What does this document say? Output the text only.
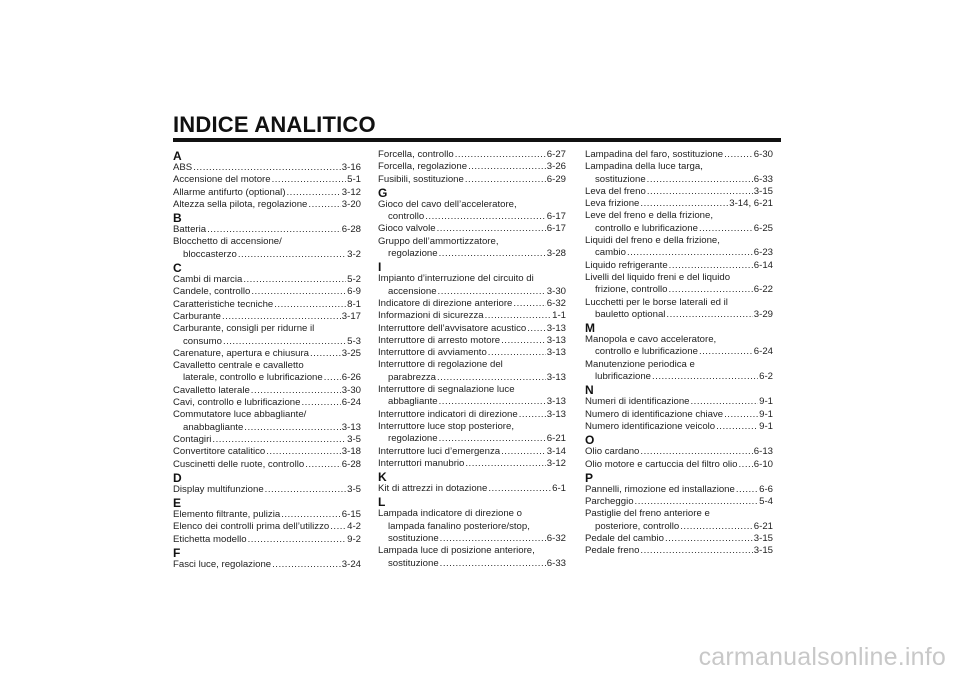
INDICE ANALITICO
A
ABS .....	3-16
Accensione del motore .....	5-1
Allarme antifurto (optional) .....	3-12
Altezza sella pilota, regolazione .....	3-20
B
Batteria .....	6-28
Blocchetto di accensione/
bloccasterzo .....	3-2
C
Cambi di marcia .....	5-2
Candele, controllo .....	6-9
Caratteristiche tecniche .....	8-1
Carburante .....	3-17
Carburante, consigli per ridurne il
consumo .....	5-3
Carenature, apertura e chiusura .....	3-25
Cavalletto centrale e cavalletto
laterale, controllo e lubrificazione ..... 6-26
Cavalletto laterale .....	3-30
Cavi, controllo e lubrificazione .....	6-24
Commutatore luce abbagliante/
anabbagliante .....	3-13
Contagiri .....	3-5
Convertitore catalitico .....	3-18
Cuscinetti delle ruote, controllo .....	6-28
D
Display multifunzione .....	3-5
E
Elemento filtrante, pulizia .....	6-15
Elenco dei controlli prima dell’utilizzo ..... 4-2
Etichetta modello .....	9-2
F
Fasci luce, regolazione .....	3-24
Forcella, controllo .....	6-27
Forcella, regolazione .....	3-26
Fusibili, sostituzione .....	6-29
G
Gioco del cavo dell’acceleratore,
controllo .....	6-17
Gioco valvole .....	6-17
Gruppo dell’ammortizzatore,
regolazione .....	3-28
I
Impianto d’interruzione del circuito di
accensione .....	3-30
Indicatore di direzione anteriore .....	6-32
Informazioni di sicurezza .....	1-1
Interruttore dell’avvisatore acustico ..... 3-13
Interruttore di arresto motore .....	3-13
Interruttore di avviamento .....	3-13
Interruttore di regolazione del
parabrezza .....	3-13
Interruttore di segnalazione luce
abbagliante .....	3-13
Interruttore indicatori di direzione .....	3-13
Interruttore luce stop posteriore,
regolazione .....	6-21
Interruttore luci d’emergenza .....	3-14
Interruttori manubrio .....	3-12
K
Kit di attrezzi in dotazione .....	6-1
L
Lampada indicatore di direzione o
lampada fanalino posteriore/stop,
sostituzione .....	6-32
Lampada luce di posizione anteriore,
sostituzione .....	6-33
Lampadina del faro, sostituzione .....	6-30
Lampadina della luce targa,
sostituzione .....	6-33
Leva del freno .....	3-15
Leva frizione .....	3-14, 6-21
Leve del freno e della frizione,
controllo e lubrificazione .....	6-25
Liquidi del freno e della frizione,
cambio .....	6-23
Liquido refrigerante .....	6-14
Livelli del liquido freni e del liquido
frizione, controllo .....	6-22
Lucchetti per le borse laterali ed il
bauletto optional .....	3-29
M
Manopola e cavo acceleratore,
controllo e lubrificazione .....	6-24
Manutenzione periodica e
lubrificazione .....	6-2
N
Numeri di identificazione .....	9-1
Numero di identificazione chiave .....	9-1
Numero identificazione veicolo .....	9-1
O
Olio cardano .....	6-13
Olio motore e cartuccia del filtro olio ..... 6-10
P
Pannelli, rimozione ed installazione .....	6-6
Parcheggio .....	5-4
Pastiglie del freno anteriore e
posteriore, controllo .....	6-21
Pedale del cambio .....	3-15
Pedale freno .....	3-15
carmanualsonline.info
